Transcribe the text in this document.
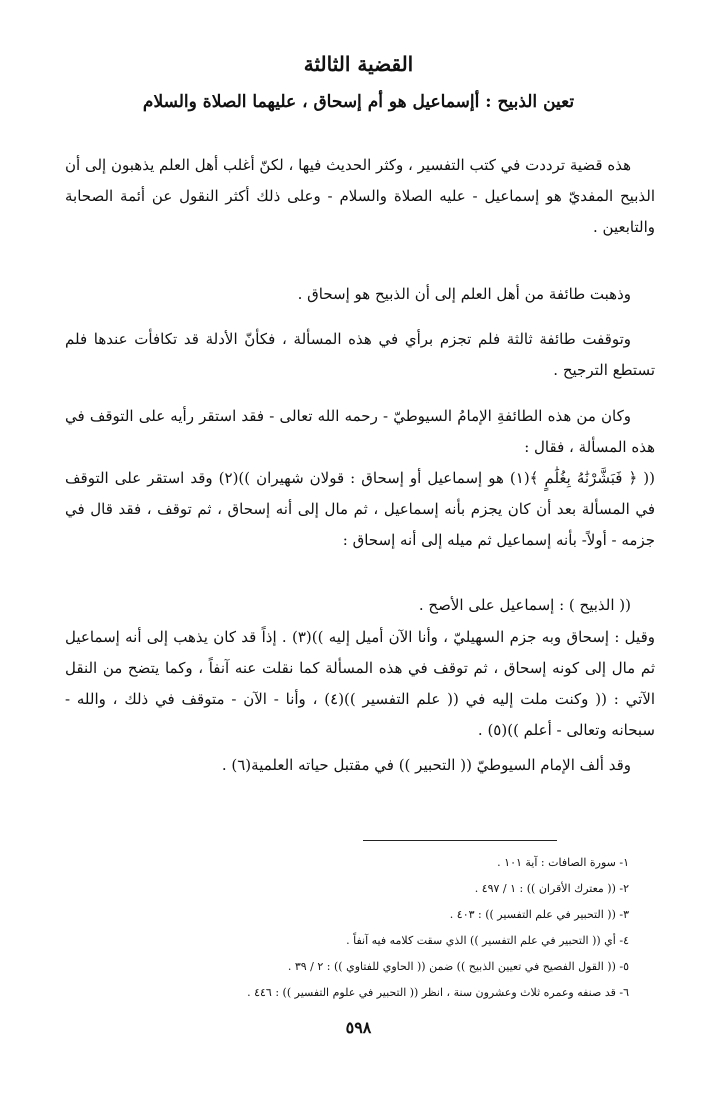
القضية الثالثة
تعين الذبيح : أإسماعيل هو أم إسحاق ، عليهما الصلاة والسلام

هذه قضية ترددت في كتب التفسير ، وكثر الحديث فيها ، لكنّ أغلب أهل العلم يذهبون إلى أن الذبيح المفديّ هو إسماعيل - عليه الصلاة والسلام - وعلى ذلك أكثر النقول عن أئمة الصحابة والتابعين .

وذهبت طائفة من أهل العلم إلى أن الذبيح هو إسحاق .

وتوقفت طائفة ثالثة فلم تجزم برأي في هذه المسألة ، فكأنّ الأدلة قد تكافأت عندها فلم تستطع الترجيح .

وكان من هذه الطائفةِ الإمامُ السيوطيّ - رحمه الله تعالى - فقد استقر رأيه على التوقف في هذه المسألة ، فقال :

(( ﴿ فَبَشَّرْنَٰهُ بِغُلَٰمٍ ﴾(١) هو إسماعيل أو إسحاق : قولان شهيران ))(٢) وقد استقر على التوقف في المسألة بعد أن كان يجزم بأنه إسماعيل ، ثم مال إلى أنه إسحاق ، ثم توقف ، فقد قال في جزمه - أولاً- بأنه إسماعيل ثم ميله إلى أنه إسحاق :

(( الذبيح ) : إسماعيل على الأصح .

وقيل : إسحاق وبه جزم السهيليّ ، وأنا الآن أميل إليه ))(٣) . إذاً قد كان يذهب إلى أنه إسماعيل ثم مال إلى كونه إسحاق ، ثم توقف في هذه المسألة كما نقلت عنه آنفاً ، وكما يتضح من النقل الآتي : (( وكنت ملت إليه في (( علم التفسير ))(٤) ، وأنا - الآن - متوقف في ذلك ، والله - سبحانه وتعالى - أعلم ))(٥) .

وقد ألف الإمام السيوطيّ (( التحبير )) في مقتبل حياته العلمية(٦) .

١- سورة الصافات : آية ١٠١ .
٢- (( معترك الأقران )) : ١ / ٤٩٧ .
٣- (( التحبير في علم التفسير )) : ٤٠٣ .
٤- أي (( التحبير في علم التفسير )) الذي سقت كلامه فيه آنفاً .
٥- (( القول الفصيح في تعيين الذبيح )) ضمن (( الحاوي للفتاوي )) : ٢ / ٣٩ .
٦- قد صنفه وعمره ثلاث وعشرون سنة ، انظر (( التحبير في علوم التفسير )) : ٤٤٦ .
٥٩٨
